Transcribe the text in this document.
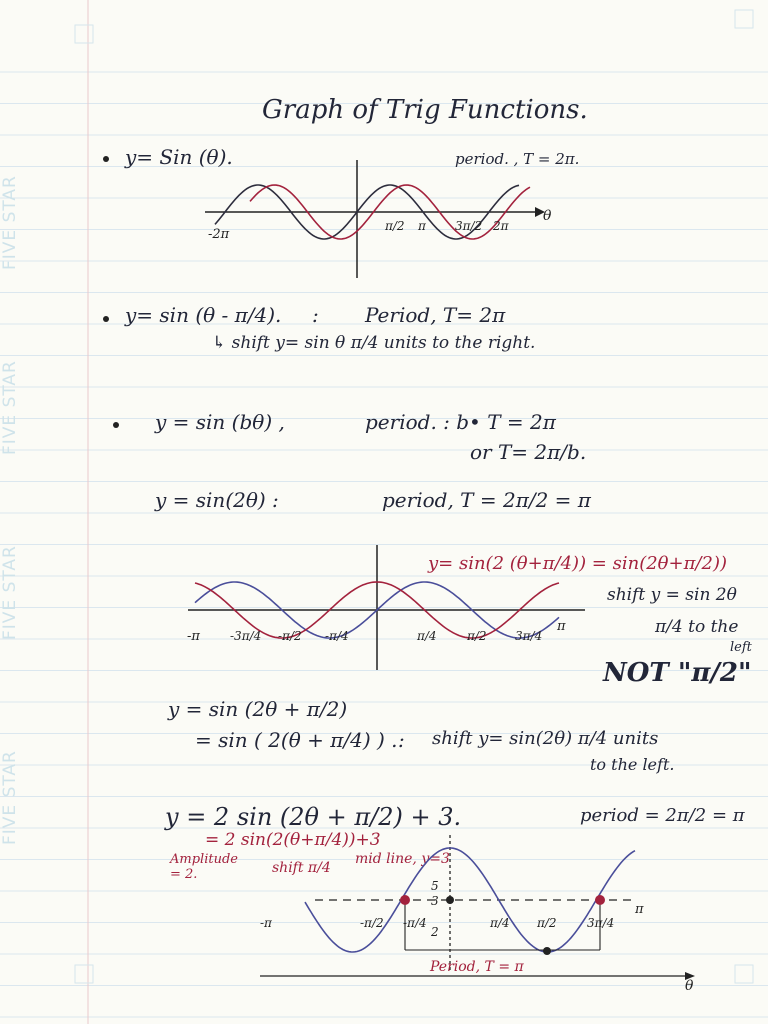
FIVE STAR
FIVE STAR
FIVE STAR
FIVE STAR
Graph of Trig Functions.
y= Sin (θ).	period. , T = 2π.
-2π
π/2 π 3π/2 2π
θ
y= sin (θ - π/4). : Period, T= 2π
↳ shift y= sin θ π/4 units to the right.
y = sin (bθ) ,	period. : b• T = 2π
or T= 2π/b.
y = sin(2θ) :	period, T = 2π/2 = π
y= sin(2 (θ+π/4)) = sin(2θ+π/2))
shift y = sin 2θ
π/4 to the
left
NOT "π/2"
-π	-3π/4 -π/2 -π/4	π/4	π/2 3π/4
π
y = sin (2θ + π/2)
= sin ( 2(θ + π/4) ) . : shift y= sin(2θ) π/4 units
to the left.
y = 2 sin (2θ + π/2) + 3.	period = 2π/2 = π
= 2 sin(2(θ+π/4))+3
Amplitude = 2.	shift π/4
mid line, y=3
5
3
2
-π	-π/2 -π/4	π/4 π/2	3π/4
π
Period, T = π
θ
